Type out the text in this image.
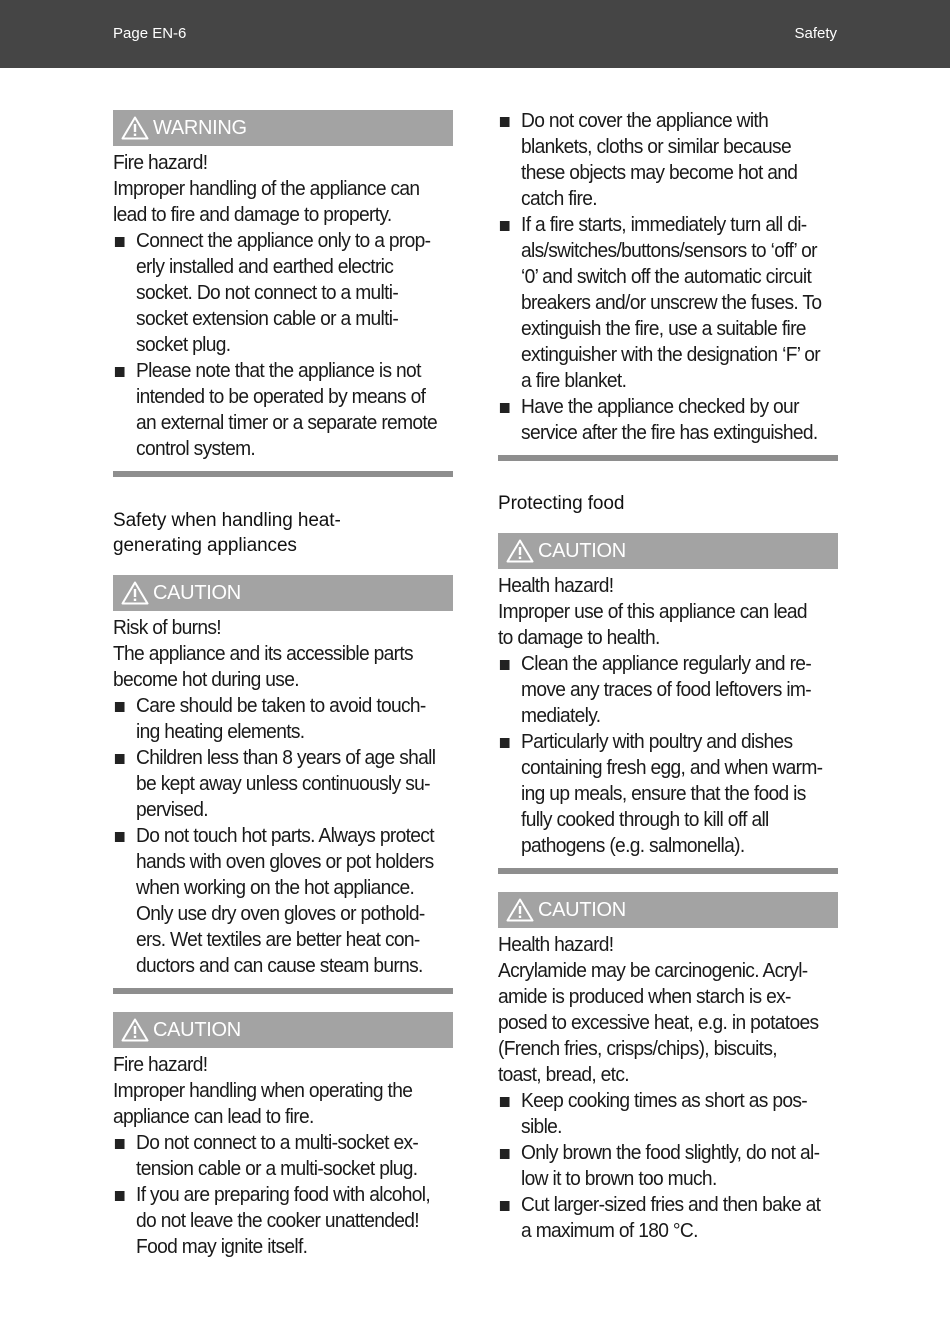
Page EN-6	Safety
WARNING

Fire hazard!

Improper handling of the appliance can
lead to fire and damage to property.

Connect the appliance only to a prop-
erly installed and earthed electric
socket. Do not connect to a multi-
socket extension cable or a multi-
socket plug.
Please note that the appliance is not
intended to be operated by means of
an external timer or a separate remote
control system.

Safety when handling heat-
generating appliances

CAUTION

Risk of burns!

The appliance and its accessible parts
become hot during use.

Care should be taken to avoid touch-
ing heating elements.
Children less than 8 years of age shall
be kept away unless continuously su-
pervised.
Do not touch hot parts. Always protect
hands with oven gloves or pot holders
when working on the hot appliance.
Only use dry oven gloves or pothold-
ers. Wet textiles are better heat con-
ductors and can cause steam burns.
CAUTION

Fire hazard!

Improper handling when operating the
appliance can lead to fire.

Do not connect to a multi-socket ex-
tension cable or a multi-socket plug.
If you are preparing food with alcohol,
do not leave the cooker unattended!
Food may ignite itself.
Do not cover the appliance with
blankets, cloths or similar because
these objects may become hot and
catch fire.
If a fire starts, immediately turn all di-
als/switches/buttons/sensors to ‘off’ or
‘0’ and switch off the automatic circuit
breakers and/or unscrew the fuses. To
extinguish the fire, use a suitable fire
extinguisher with the designation ‘F’ or
a fire blanket.
Have the appliance checked by our
service after the fire has extinguished.

Protecting food

CAUTION

Health hazard!

Improper use of this appliance can lead
to damage to health.

Clean the appliance regularly and re-
move any traces of food leftovers im-
mediately.
Particularly with poultry and dishes
containing fresh egg, and when warm-
ing up meals, ensure that the food is
fully cooked through to kill off all
pathogens (e.g. salmonella).
CAUTION

Health hazard!

Acrylamide may be carcinogenic. Acryl-
amide is produced when starch is ex-
posed to excessive heat, e.g. in potatoes
(French fries, crisps/chips), biscuits,
toast, bread, etc.

Keep cooking times as short as pos-
sible.
Only brown the food slightly, do not al-
low it to brown too much.
Cut larger-sized fries and then bake at
a maximum of 180 °C.
